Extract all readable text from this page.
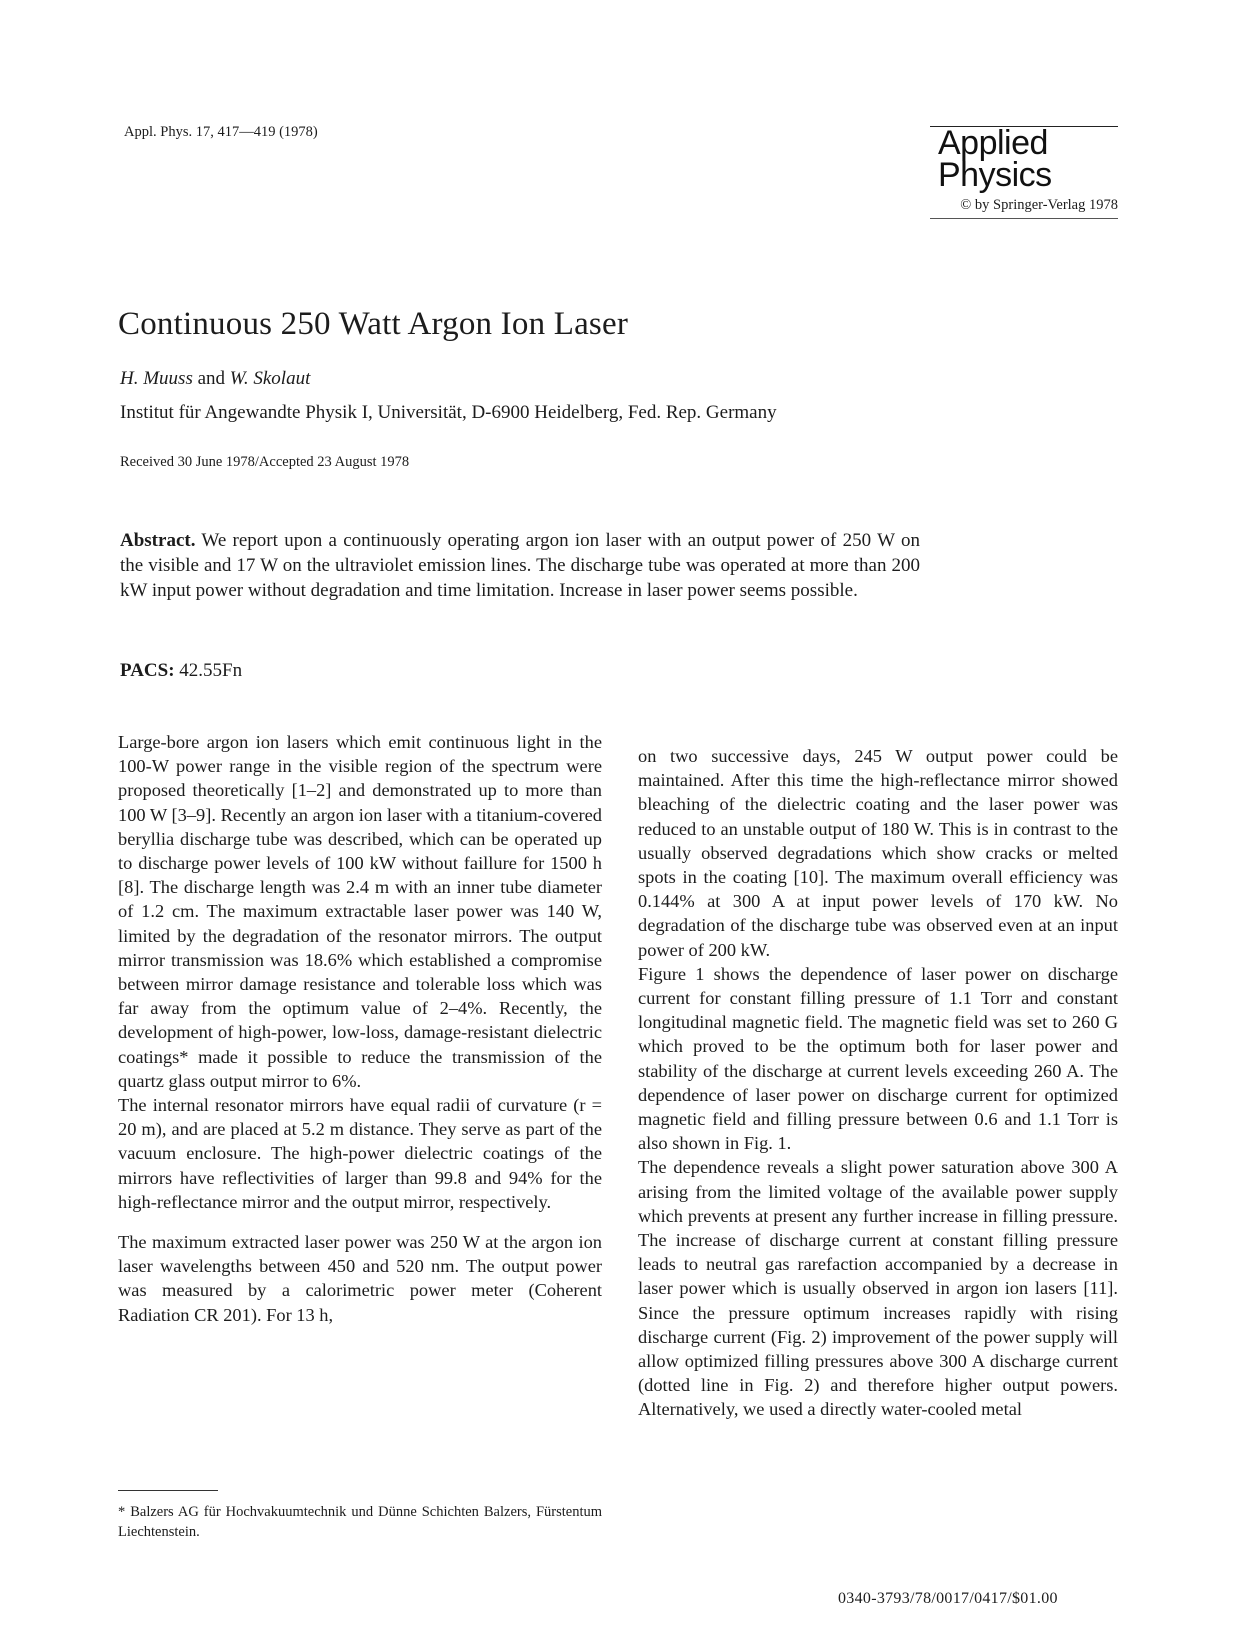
Appl. Phys. 17, 417—419 (1978)	Applied
Physics
© by Springer-Verlag 1978
Continuous 250 Watt Argon Ion Laser
H. Muuss and W. Skolaut
Institut für Angewandte Physik I, Universität, D-6900 Heidelberg, Fed. Rep. Germany
Received 30 June 1978/Accepted 23 August 1978
Abstract. We report upon a continuously operating argon ion laser with an output power of 250 W on the visible and 17 W on the ultraviolet emission lines. The discharge tube was operated at more than 200 kW input power without degradation and time limitation. Increase in laser power seems possible.
PACS: 42.55Fn

Large-bore argon ion lasers which emit continuous light in the 100-W power range in the visible region of the spectrum were proposed theoretically [1–2] and demonstrated up to more than 100 W [3–9]. Recently an argon ion laser with a titanium-covered beryllia discharge tube was described, which can be operated up to discharge power levels of 100 kW without faillure for 1500 h [8]. The discharge length was 2.4 m with an inner tube diameter of 1.2 cm. The maximum extractable laser power was 140 W, limited by the degradation of the resonator mirrors. The output mirror transmission was 18.6% which established a compromise between mirror damage resistance and tolerable loss which was far away from the optimum value of 2–4%. Recently, the development of high-power, low-loss, damage-resistant dielectric coatings* made it possible to reduce the transmission of the quartz glass output mirror to 6%.

The internal resonator mirrors have equal radii of curvature (r = 20 m), and are placed at 5.2 m distance. They serve as part of the vacuum enclosure. The high-power dielectric coatings of the mirrors have reflectivities of larger than 99.8 and 94% for the high-reflectance mirror and the output mirror, respectively.

The maximum extracted laser power was 250 W at the argon ion laser wavelengths between 450 and 520 nm. The output power was measured by a calorimetric power meter (Coherent Radiation CR 201). For 13 h,

on two successive days, 245 W output power could be maintained. After this time the high-reflectance mirror showed bleaching of the dielectric coating and the laser power was reduced to an unstable output of 180 W. This is in contrast to the usually observed degradations which show cracks or melted spots in the coating [10]. The maximum overall efficiency was 0.144% at 300 A at input power levels of 170 kW. No degradation of the discharge tube was observed even at an input power of 200 kW.

Figure 1 shows the dependence of laser power on discharge current for constant filling pressure of 1.1 Torr and constant longitudinal magnetic field. The magnetic field was set to 260 G which proved to be the optimum both for laser power and stability of the discharge at current levels exceeding 260 A. The dependence of laser power on discharge current for optimized magnetic field and filling pressure between 0.6 and 1.1 Torr is also shown in Fig. 1.

The dependence reveals a slight power saturation above 300 A arising from the limited voltage of the available power supply which prevents at present any further increase in filling pressure. The increase of discharge current at constant filling pressure leads to neutral gas rarefaction accompanied by a decrease in laser power which is usually observed in argon ion lasers [11]. Since the pressure optimum increases rapidly with rising discharge current (Fig. 2) improvement of the power supply will allow optimized filling pressures above 300 A discharge current (dotted line in Fig. 2) and therefore higher output powers. Alternatively, we used a directly water-cooled metal

* Balzers AG für Hochvakuumtechnik und Dünne Schichten Balzers, Fürstentum Liechtenstein.
0340-3793/78/0017/0417/$01.00
